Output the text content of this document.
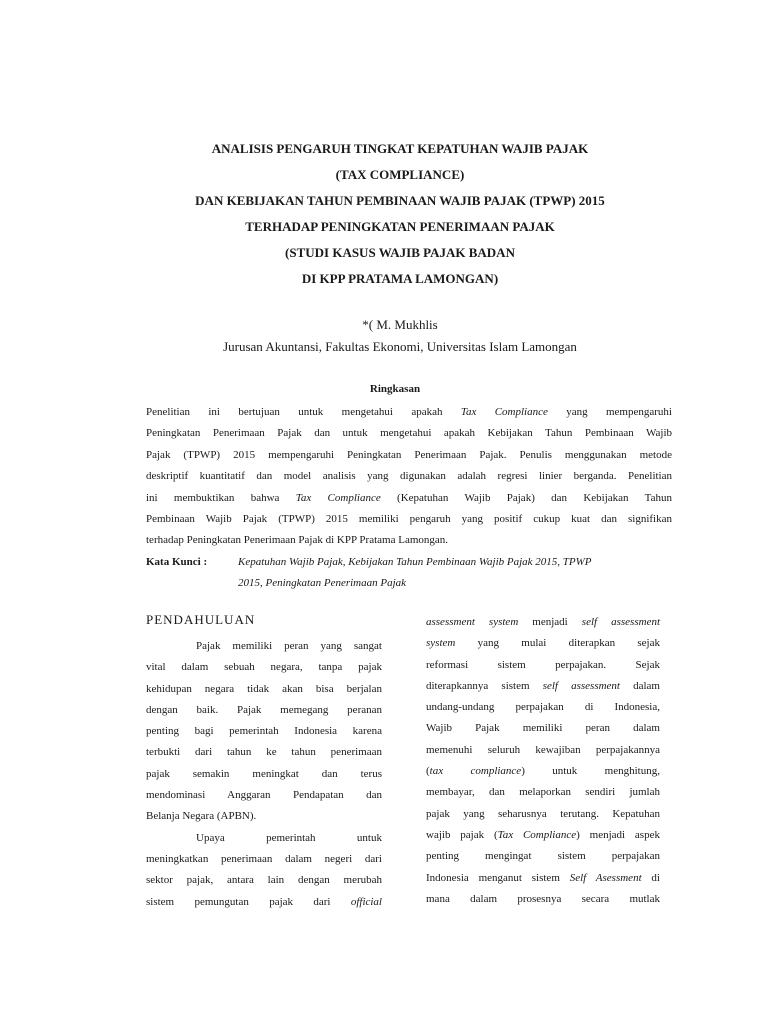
ANALISIS PENGARUH TINGKAT KEPATUHAN WAJIB PAJAK
(TAX COMPLIANCE)
DAN KEBIJAKAN TAHUN PEMBINAAN WAJIB PAJAK (TPWP) 2015
TERHADAP PENINGKATAN PENERIMAAN PAJAK
(STUDI KASUS WAJIB PAJAK BADAN
DI KPP PRATAMA LAMONGAN)
*( M. Mukhlis
Jurusan Akuntansi, Fakultas Ekonomi, Universitas Islam Lamongan
Ringkasan
Penelitian ini bertujuan untuk mengetahui apakah Tax Compliance yang mempengaruhi
Peningkatan Penerimaan Pajak dan untuk mengetahui apakah Kebijakan Tahun Pembinaan Wajib
Pajak (TPWP) 2015 mempengaruhi Peningkatan Penerimaan Pajak. Penulis menggunakan metode
deskriptif kuantitatif dan model analisis yang digunakan adalah regresi linier berganda. Penelitian
ini membuktikan bahwa Tax Compliance (Kepatuhan Wajib Pajak) dan Kebijakan Tahun
Pembinaan Wajib Pajak (TPWP) 2015 memiliki pengaruh yang positif cukup kuat dan signifikan
terhadap Peningkatan Penerimaan Pajak di KPP Pratama Lamongan.
Kata Kunci :	Kepatuhan Wajib Pajak, Kebijakan Tahun Pembinaan Wajib Pajak 2015, TPWP
2015, Peningkatan Penerimaan Pajak
PENDAHULUAN
Pajak memiliki peran yang sangat
vital dalam sebuah negara, tanpa pajak
kehidupan negara tidak akan bisa berjalan
dengan baik. Pajak memegang peranan
penting bagi pemerintah Indonesia karena
terbukti dari tahun ke tahun penerimaan
pajak semakin meningkat dan terus
mendominasi Anggaran Pendapatan dan
Belanja Negara (APBN).
Upaya pemerintah untuk
meningkatkan penerimaan dalam negeri dari
sektor pajak, antara lain dengan merubah
sistem pemungutan pajak dari official
assessment system menjadi self assessment
system yang mulai diterapkan sejak
reformasi sistem perpajakan. Sejak
diterapkannya sistem self assessment dalam
undang-undang perpajakan di Indonesia,
Wajib Pajak memiliki peran dalam
memenuhi seluruh kewajiban perpajakannya
(tax compliance) untuk menghitung,
membayar, dan melaporkan sendiri jumlah
pajak yang seharusnya terutang. Kepatuhan
wajib pajak (Tax Compliance) menjadi aspek
penting mengingat sistem perpajakan
Indonesia menganut sistem Self Asessment di
mana dalam prosesnya secara mutlak
